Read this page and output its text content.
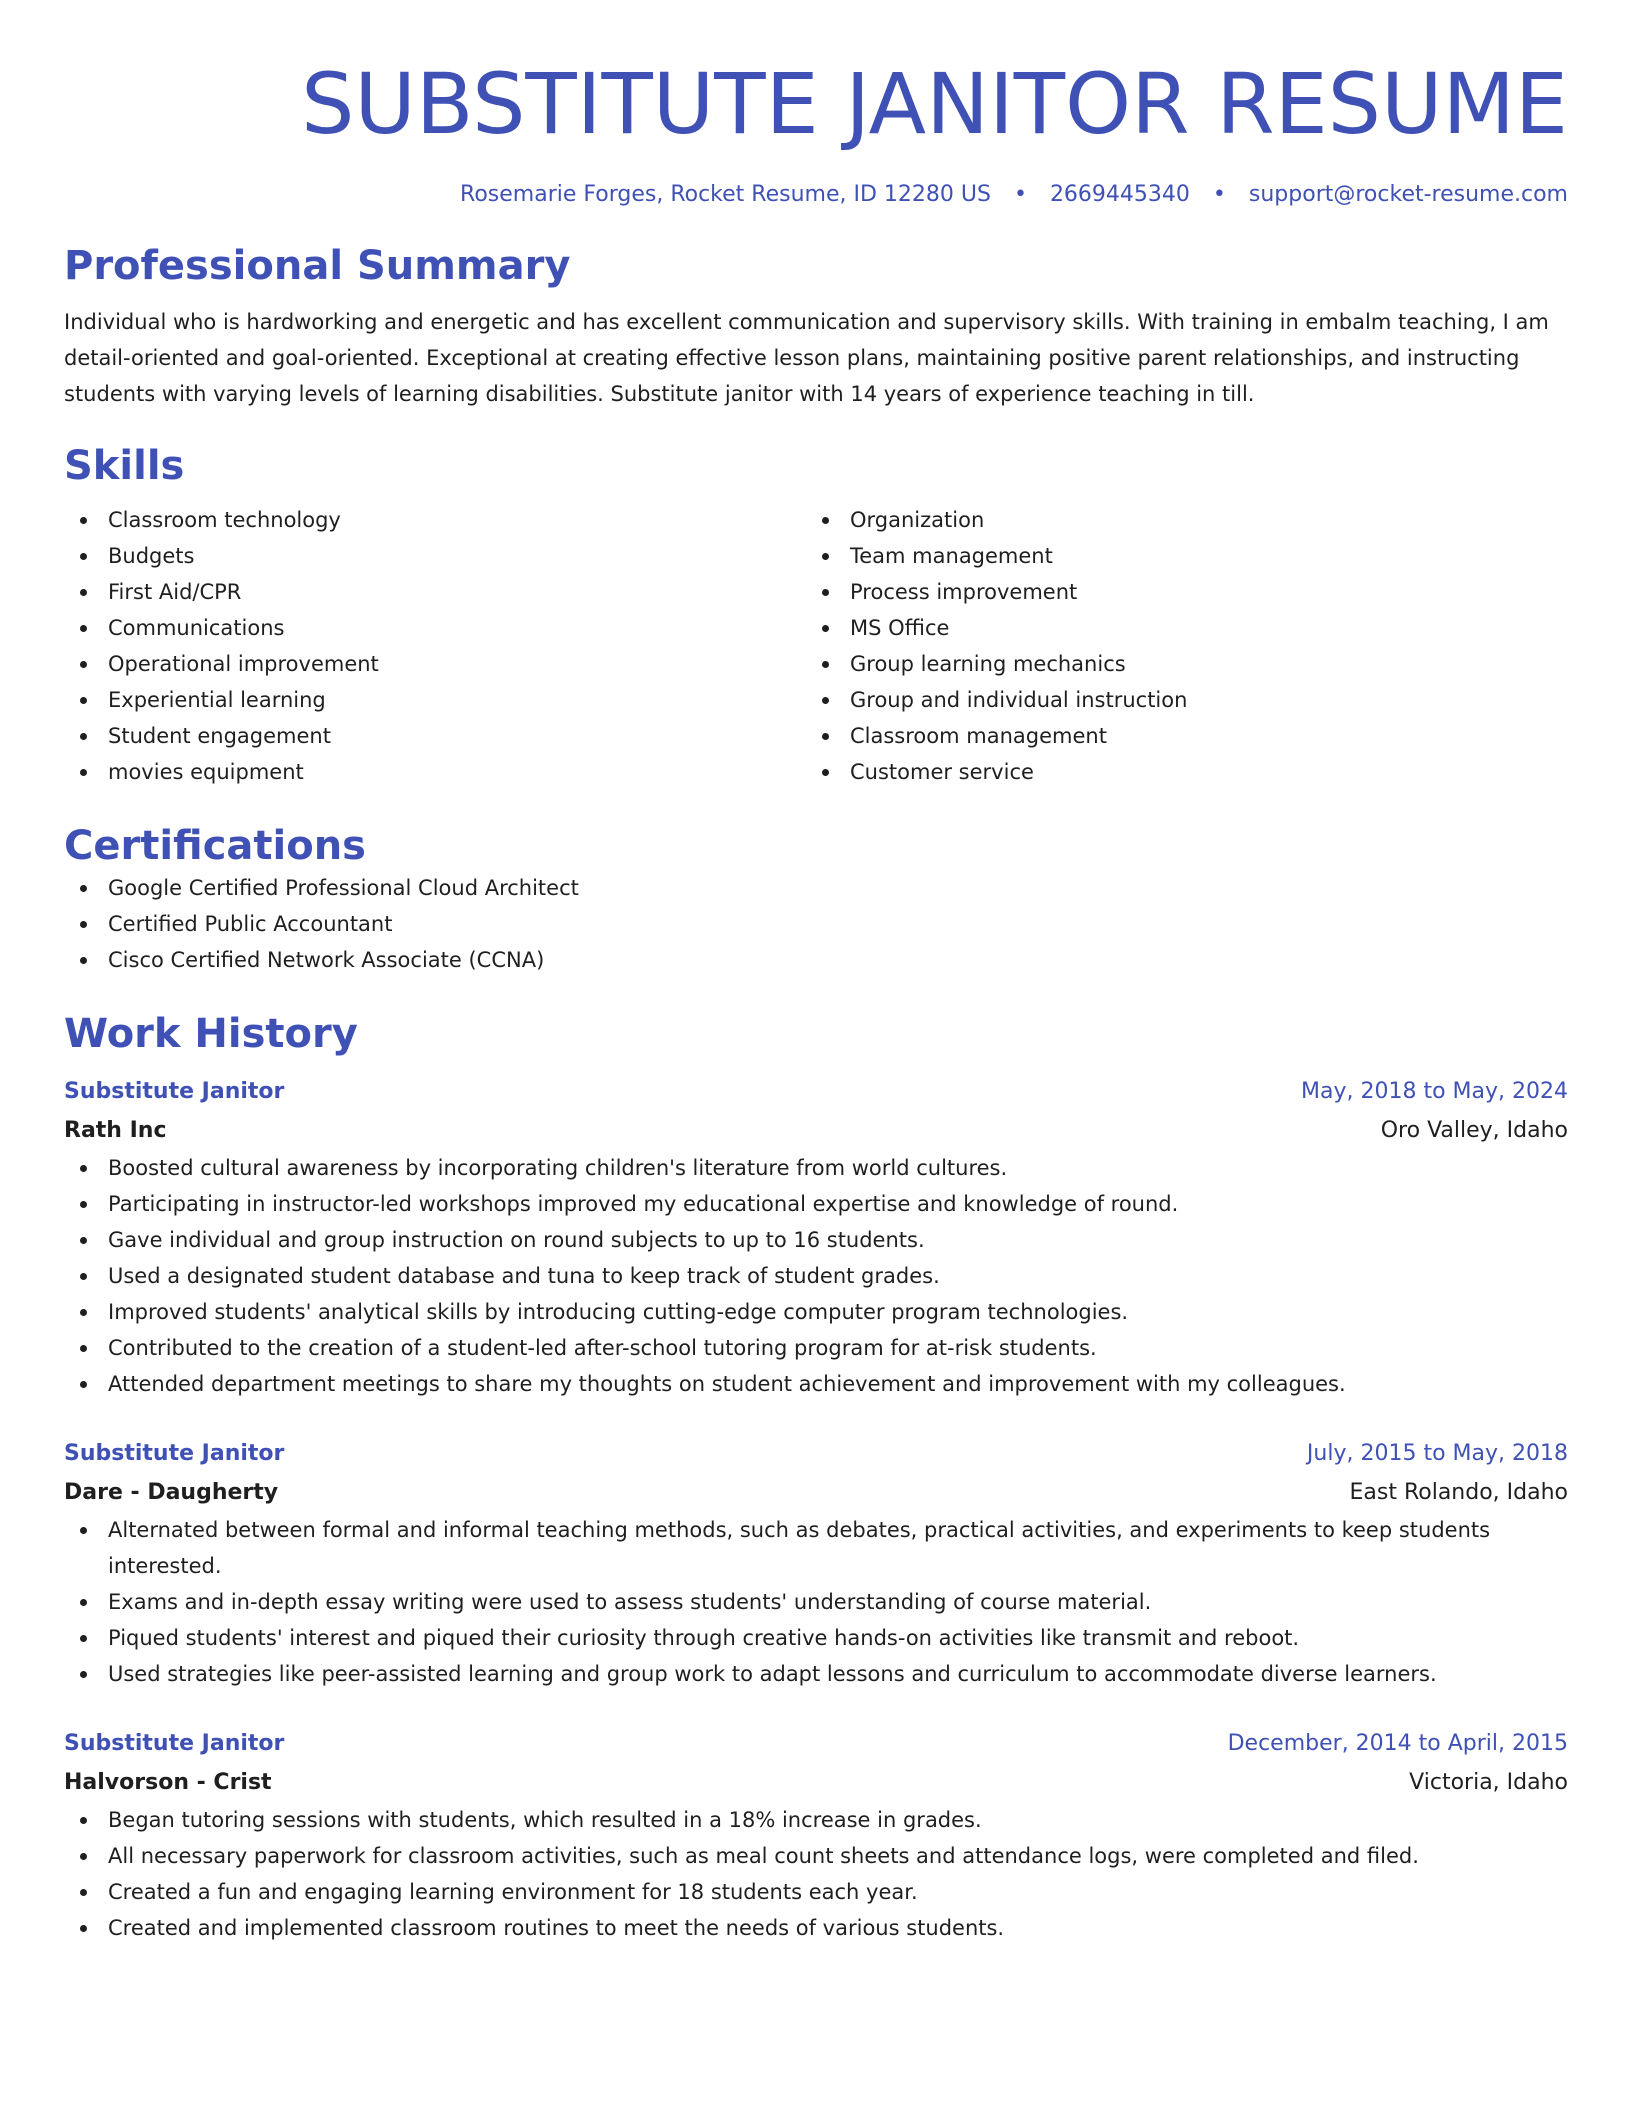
SUBSTITUTE JANITOR RESUME
Rosemarie Forges, Rocket Resume, ID 12280 US • 2669445340 • support@rocket-resume.com
Professional Summary
Individual who is hardworking and energetic and has excellent communication and supervisory skills. With training in embalm teaching, I am detail-oriented and goal-oriented. Exceptional at creating effective lesson plans, maintaining positive parent relationships, and instructing students with varying levels of learning disabilities. Substitute janitor with 14 years of experience teaching in till.
Skills
Classroom technology
Budgets
First Aid/CPR
Communications
Operational improvement
Experiential learning
Student engagement
movies equipment
Organization
Team management
Process improvement
MS Office
Group learning mechanics
Group and individual instruction
Classroom management
Customer service
Certifications
Google Certified Professional Cloud Architect
Certified Public Accountant
Cisco Certified Network Associate (CCNA)
Work History
Substitute Janitor	May, 2018 to May, 2024
Rath Inc	Oro Valley, Idaho
Boosted cultural awareness by incorporating children's literature from world cultures.
Participating in instructor-led workshops improved my educational expertise and knowledge of round.
Gave individual and group instruction on round subjects to up to 16 students.
Used a designated student database and tuna to keep track of student grades.
Improved students' analytical skills by introducing cutting-edge computer program technologies.
Contributed to the creation of a student-led after-school tutoring program for at-risk students.
Attended department meetings to share my thoughts on student achievement and improvement with my colleagues.
Substitute Janitor	July, 2015 to May, 2018
Dare - Daugherty	East Rolando, Idaho
Alternated between formal and informal teaching methods, such as debates, practical activities, and experiments to keep students interested.
Exams and in-depth essay writing were used to assess students' understanding of course material.
Piqued students' interest and piqued their curiosity through creative hands-on activities like transmit and reboot.
Used strategies like peer-assisted learning and group work to adapt lessons and curriculum to accommodate diverse learners.
Substitute Janitor	December, 2014 to April, 2015
Halvorson - Crist	Victoria, Idaho
Began tutoring sessions with students, which resulted in a 18% increase in grades.
All necessary paperwork for classroom activities, such as meal count sheets and attendance logs, were completed and filed.
Created a fun and engaging learning environment for 18 students each year.
Created and implemented classroom routines to meet the needs of various students.
